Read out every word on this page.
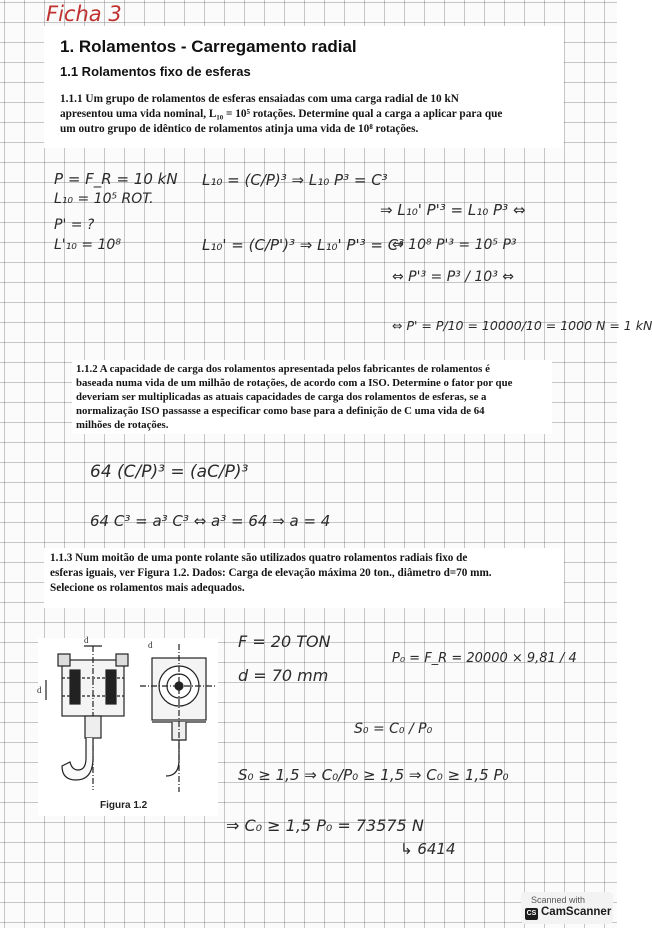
Ficha 3
1. Rolamentos - Carregamento radial
1.1 Rolamentos fixo de esferas

1.1.1 Um grupo de rolamentos de esferas ensaiadas com uma carga radial de 10 kN

apresentou uma vida nominal, L₁₀ = 10⁵ rotações. Determine qual a carga a aplicar para que

um outro grupo de idêntico de rolamentos atinja uma vida de 10⁸ rotações.

P = F_R = 10 kN
L₁₀ = 10⁵ ROT.
P' = ?
L'₁₀ = 10⁸
L₁₀ = (C/P)³ ⇒ L₁₀ P³ = C³
L₁₀' = (C/P')³ ⇒ L₁₀' P'³ = C³
⇒ L₁₀' P'³ = L₁₀ P³ ⇔
⇔ 10⁸ P'³ = 10⁵ P³
⇔ P'³ = P³ / 10³ ⇔
⇔ P' = P/10 = 10000/10 = 1000 N = 1 kN

1.1.2 A capacidade de carga dos rolamentos apresentada pelos fabricantes de rolamentos é

baseada numa vida de um milhão de rotações, de acordo com a ISO. Determine o fator por que

deveriam ser multiplicadas as atuais capacidades de carga dos rolamentos de esferas, se a

normalização ISO passasse a especificar como base para a definição de C uma vida de 64

milhões de rotações.

64 (C/P)³ = (aC/P)³
64 C³ = a³ C³ ⇔ a³ = 64 ⇒ a = 4

1.1.3 Num moitão de uma ponte rolante são utilizados quatro rolamentos radiais fixo de

esferas iguais, ver Figura 1.2. Dados: Carga de elevação máxima 20 ton., diâmetro d=70 mm.

Selecione os rolamentos mais adequados.

d
d
d
Figura 1.2
F = 20 TON
d = 70 mm
P₀ = F_R = 20000 × 9,81 / 4
S₀ = C₀ / P₀
S₀ ≥ 1,5 ⇒ C₀/P₀ ≥ 1,5 ⇒ C₀ ≥ 1,5 P₀
⇒ C₀ ≥ 1,5 P₀ = 73575 N
↳ 6414
Scanned with
CS CamScanner
